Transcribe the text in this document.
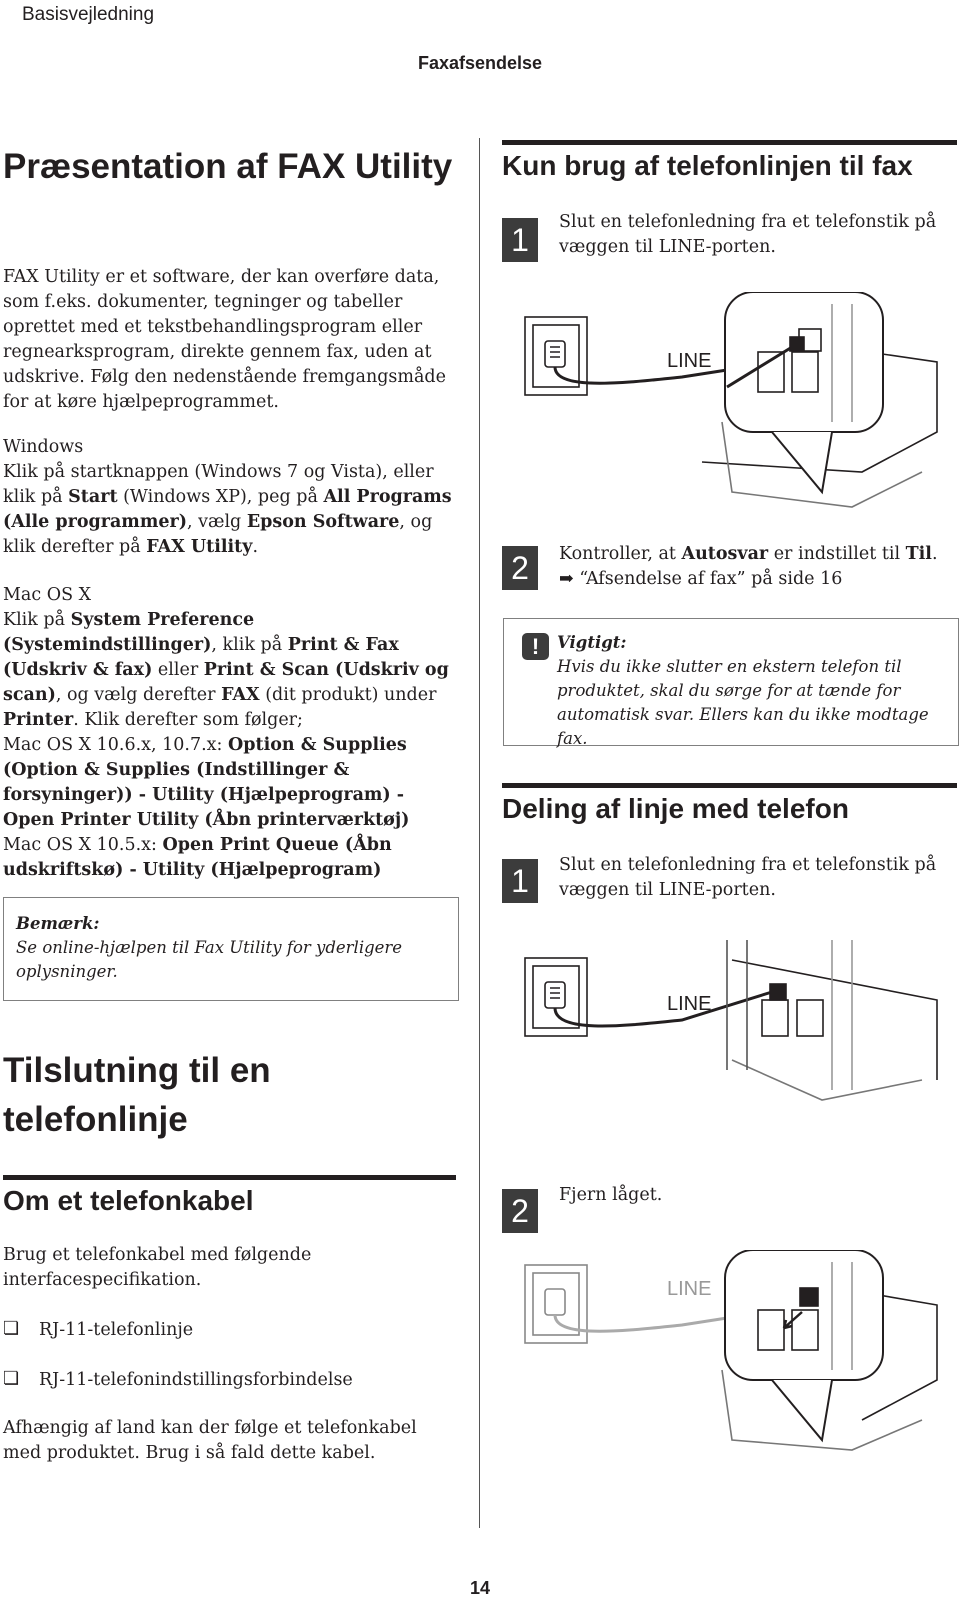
Basisvejledning
Faxafsendelse
Præsentation af FAX Utility

FAX Utility er et software, der kan overføre data, som f.eks. dokumenter, tegninger og tabeller oprettet med et tekstbehandlingsprogram eller regnearksprogram, direkte gennem fax, uden at udskrive. Følg den nedenstående fremgangsmåde for at køre hjælpeprogrammet.

Windows

Klik på startknappen (Windows 7 og Vista), eller klik på Start (Windows XP), peg på All Programs (Alle programmer), vælg Epson Software, og klik derefter på FAX Utility.

Mac OS X

Klik på System Preference (Systemindstillinger), klik på Print & Fax (Udskriv & fax) eller Print & Scan (Udskriv og scan), og vælg derefter FAX (dit produkt) under Printer. Klik derefter som følger;

Mac OS X 10.6.x, 10.7.x: Option & Supplies (Option & Supplies (Indstillinger & forsyninger)) - Utility (Hjælpeprogram) - Open Printer Utility (Åbn printerværktøj)

Mac OS X 10.5.x: Open Print Queue (Åbn udskriftskø) - Utility (Hjælpeprogram)

Bemærk:
Se online-hjælpen til Fax Utility for yderligere oplysninger.
Tilslutning til en telefonlinje
Om et telefonkabel

Brug et telefonkabel med følgende interfacespecifikation.

❏ RJ-11-telefonlinje
❏ RJ-11-telefonindstillingsforbindelse

Afhængig af land kan der følge et telefonkabel med produktet. Brug i så fald dette kabel.

Kun brug af telefonlinjen til fax
1	Slut en telefonledning fra et telefonstik på væggen til LINE-porten.
LINE
2	Kontroller, at Autosvar er indstillet til Til.
➡ “Afsendelse af fax” på side 16
!	Vigtigt:
Hvis du ikke slutter en ekstern telefon til produktet, skal du sørge for at tænde for automatisk svar. Ellers kan du ikke modtage fax.
Deling af linje med telefon
1	Slut en telefonledning fra et telefonstik på væggen til LINE-porten.
LINE
2	Fjern låget.
LINE
14
